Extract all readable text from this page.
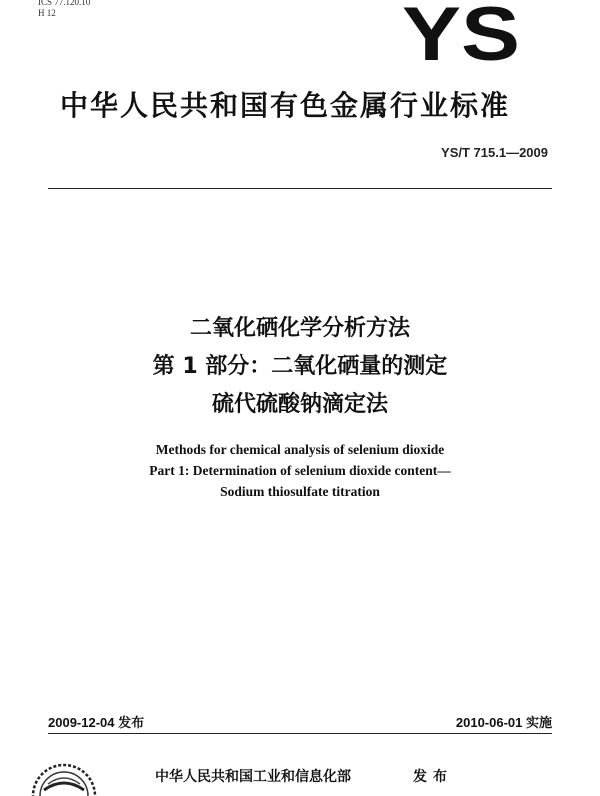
ICS 77.120.10
H 12	YS
中华人民共和国有色金属行业标准
YS/T 715.1—2009
二氧化硒化学分析方法
第 1 部分：二氧化硒量的测定
硫代硫酸钠滴定法
Methods for chemical analysis of selenium dioxide
Part 1: Determination of selenium dioxide content—
Sodium thiosulfate titration
2009-12-04 发布	2010-06-01 实施
中华人民共和国工业和信息化部	发布
